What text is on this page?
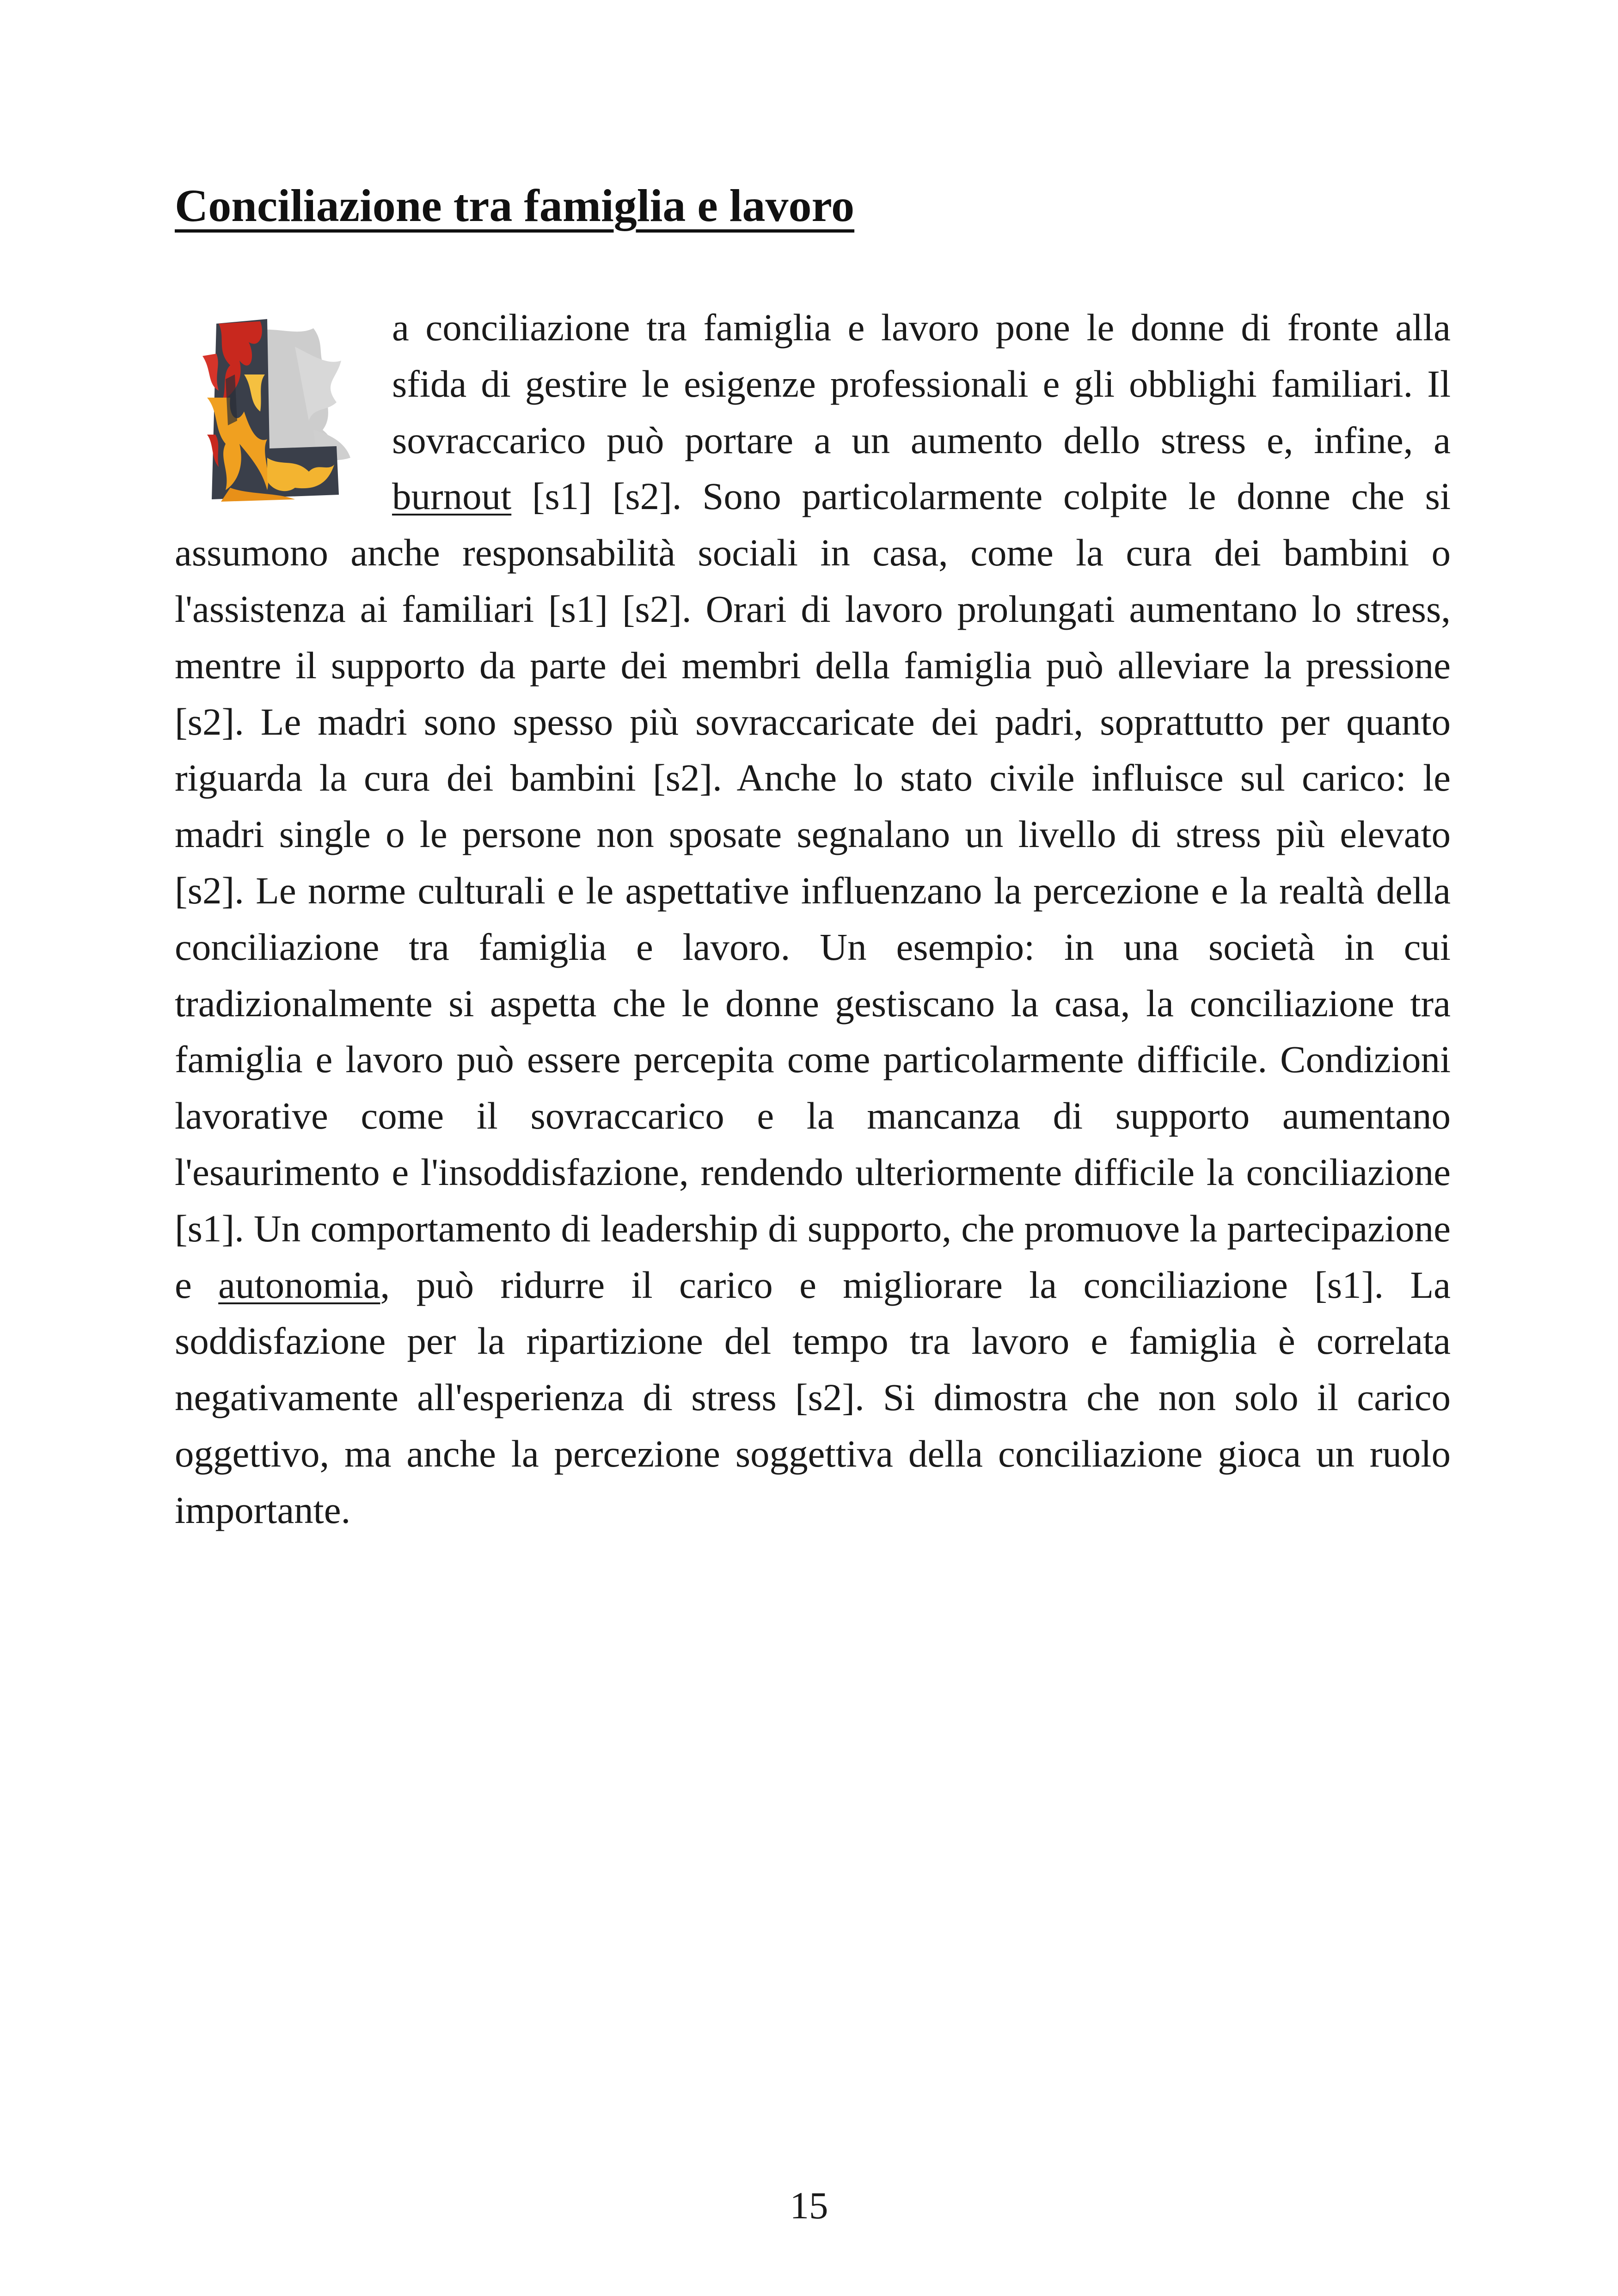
Conciliazione tra famiglia e lavoro
a conciliazione tra famiglia e lavoro pone le donne di fronte alla sfida di gestire le esigenze professionali e gli obblighi familiari. Il sovraccarico può portare a un aumento dello stress e, infine, a burnout [s1] [s2]. Sono particolarmente colpite le donne che si assumono anche responsabilità sociali in casa, come la cura dei bambini o l'assistenza ai familiari [s1] [s2]. Orari di lavoro prolungati aumentano lo stress, mentre il supporto da parte dei membri della famiglia può alleviare la pressione [s2]. Le madri sono spesso più sovraccaricate dei padri, soprattutto per quanto riguarda la cura dei bambini [s2]. Anche lo stato civile influisce sul carico: le madri single o le persone non sposate segnalano un livello di stress più elevato [s2]. Le norme culturali e le aspettative influenzano la percezione e la realtà della conciliazione tra famiglia e lavoro. Un esempio: in una società in cui tradizionalmente si aspetta che le donne gestiscano la casa, la conciliazione tra famiglia e lavoro può essere percepita come particolarmente difficile. Condizioni lavorative come il sovraccarico e la mancanza di supporto aumentano l'esaurimento e l'insoddisfazione, rendendo ulteriormente difficile la conciliazione [s1]. Un comportamento di leadership di supporto, che promuove la partecipazione e autonomia, può ridurre il carico e migliorare la conciliazione [s1]. La soddisfazione per la ripartizione del tempo tra lavoro e famiglia è correlata negativamente all'esperienza di stress [s2]. Si dimostra che non solo il carico oggettivo, ma anche la percezione soggettiva della conciliazione gioca un ruolo importante.
15
